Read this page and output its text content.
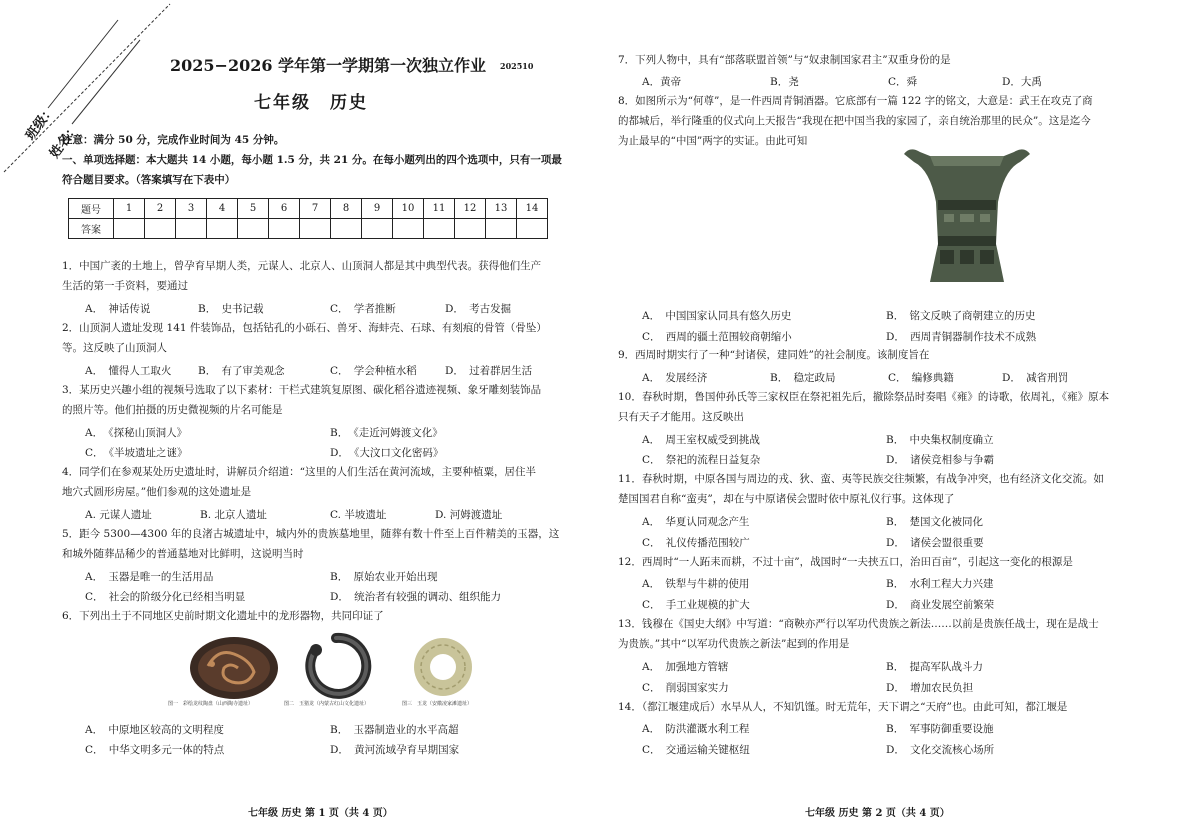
班级：
姓名：
2025−2026 学年第一学期第一次独立作业 202510
七年级　历史
注意：满分 50 分，完成作业时间为 45 分钟。
一、单项选择题：本大题共 14 小题，每小题 1.5 分，共 21 分。在每小题列出的四个选项中，只有一项最
符合题目要求。（答案填写在下表中）
题号	1	2	3	4	5	6	7	8	9	10	11	12	13	14
答案														
1．中国广袤的土地上，曾孕育早期人类，元谋人、北京人、山顶洞人都是其中典型代表。获得他们生产
生活的第一手资料，要通过
A．　神话传说	B．　史书记载	C．　学者推断	D．　考古发掘
2．山顶洞人遗址发现 141 件装饰品，包括钻孔的小砾石、兽牙、海蚌壳、石球、有刻痕的骨管（骨坠）
等。这反映了山顶洞人
A．　懂得人工取火	B．　有了审美观念	C．　学会种植水稻	D．　过着群居生活
3．某历史兴趣小组的视频号选取了以下素材：干栏式建筑复原图、碳化稻谷遗迹视频、象牙雕刻装饰品
的照片等。他们拍摄的历史微视频的片名可能是
A．　《探秘山顶洞人》	B．　《走近河姆渡文化》
C．　《半坡遗址之谜》	D．　《大汶口文化密码》
4．同学们在参观某处历史遗址时，讲解员介绍道：“这里的人们生活在黄河流域，主要种植粟，居住半
地穴式圆形房屋。”他们参观的这处遗址是
A. 元谋人遗址	B. 北京人遗址	C. 半坡遗址	D. 河姆渡遗址
5．距今 5300—4300 年的良渚古城遗址中，城内外的贵族墓地里，随葬有数十件至上百件精美的玉器，这
和城外随葬品稀少的普通墓地对比鲜明，这说明当时
A．　玉器是唯一的生活用品	B．　原始农业开始出现
C．　社会的阶级分化已经相当明显	D．　统治者有较强的调动、组织能力
6．下列出土于不同地区史前时期文化遗址中的龙形器物，共同印证了
图一　彩绘龙纹陶盘（山西陶寺遗址）	图二　玉猪龙（内蒙古红山文化遗址）	图三　玉龙（安徽凌家滩遗址）
A．　中原地区较高的文明程度	B．　玉器制造业的水平高超
C．　中华文明多元一体的特点	D．　黄河流域孕育早期国家
七年级 历史 第 1 页（共 4 页）
7．下列人物中，具有“部落联盟首领”与“奴隶制国家君主”双重身份的是
A．黄帝	B．尧	C．舜	D．大禹
8．如图所示为“何尊”，是一件西周青铜酒器。它底部有一篇 122 字的铭文，大意是：武王在攻克了商
的都城后，举行隆重的仪式向上天报告“我现在把中国当我的家园了，亲自统治那里的民众”。这是迄今
为止最早的“中国”两字的实证。由此可知
A．　中国国家认同具有悠久历史	B．　铭文反映了商朝建立的历史
C．　西周的疆土范围较商朝缩小	D．　西周青铜器制作技术不成熟
9．西周时期实行了一种“封诸侯，建同姓”的社会制度。该制度旨在
A．　发展经济	B．　稳定政局	C．　编修典籍	D．　减省刑罚
10．春秋时期，鲁国仲孙氏等三家权臣在祭祀祖先后，撤除祭品时奏唱《雍》的诗歌，依周礼，《雍》原本
只有天子才能用。这反映出
A．　周王室权威受到挑战	B．　中央集权制度确立
C．　祭祀的流程日益复杂	D．　诸侯竞相参与争霸
11．春秋时期，中原各国与周边的戎、狄、蛮、夷等民族交往频繁，有战争冲突，也有经济文化交流。如
楚国国君自称“蛮夷”，却在与中原诸侯会盟时依中原礼仪行事。这体现了
A．　华夏认同观念产生	B．　楚国文化被同化
C．　礼仪传播范围较广	D．　诸侯会盟很重要
12．西周时“一人跖耒而耕，不过十亩”，战国时“一夫挟五口，治田百亩”，引起这一变化的根源是
A．　铁犁与牛耕的使用	B．　水利工程大力兴建
C．　手工业规模的扩大	D．　商业发展空前繁荣
13．钱穆在《国史大纲》中写道：“商鞅亦严行以军功代贵族之新法……以前是贵族任战士，现在是战士
为贵族。”其中“以军功代贵族之新法”起到的作用是
A．　加强地方管辖	B．　提高军队战斗力
C．　削弱国家实力	D．　增加农民负担
14．（都江堰建成后）水旱从人，不知饥馑。时无荒年，天下谓之“天府”也。由此可知，都江堰是
A．　防洪灌溉水利工程	B．　军事防御重要设施
C．　交通运输关键枢纽	D．　文化交流核心场所
七年级 历史 第 2 页（共 4 页）
